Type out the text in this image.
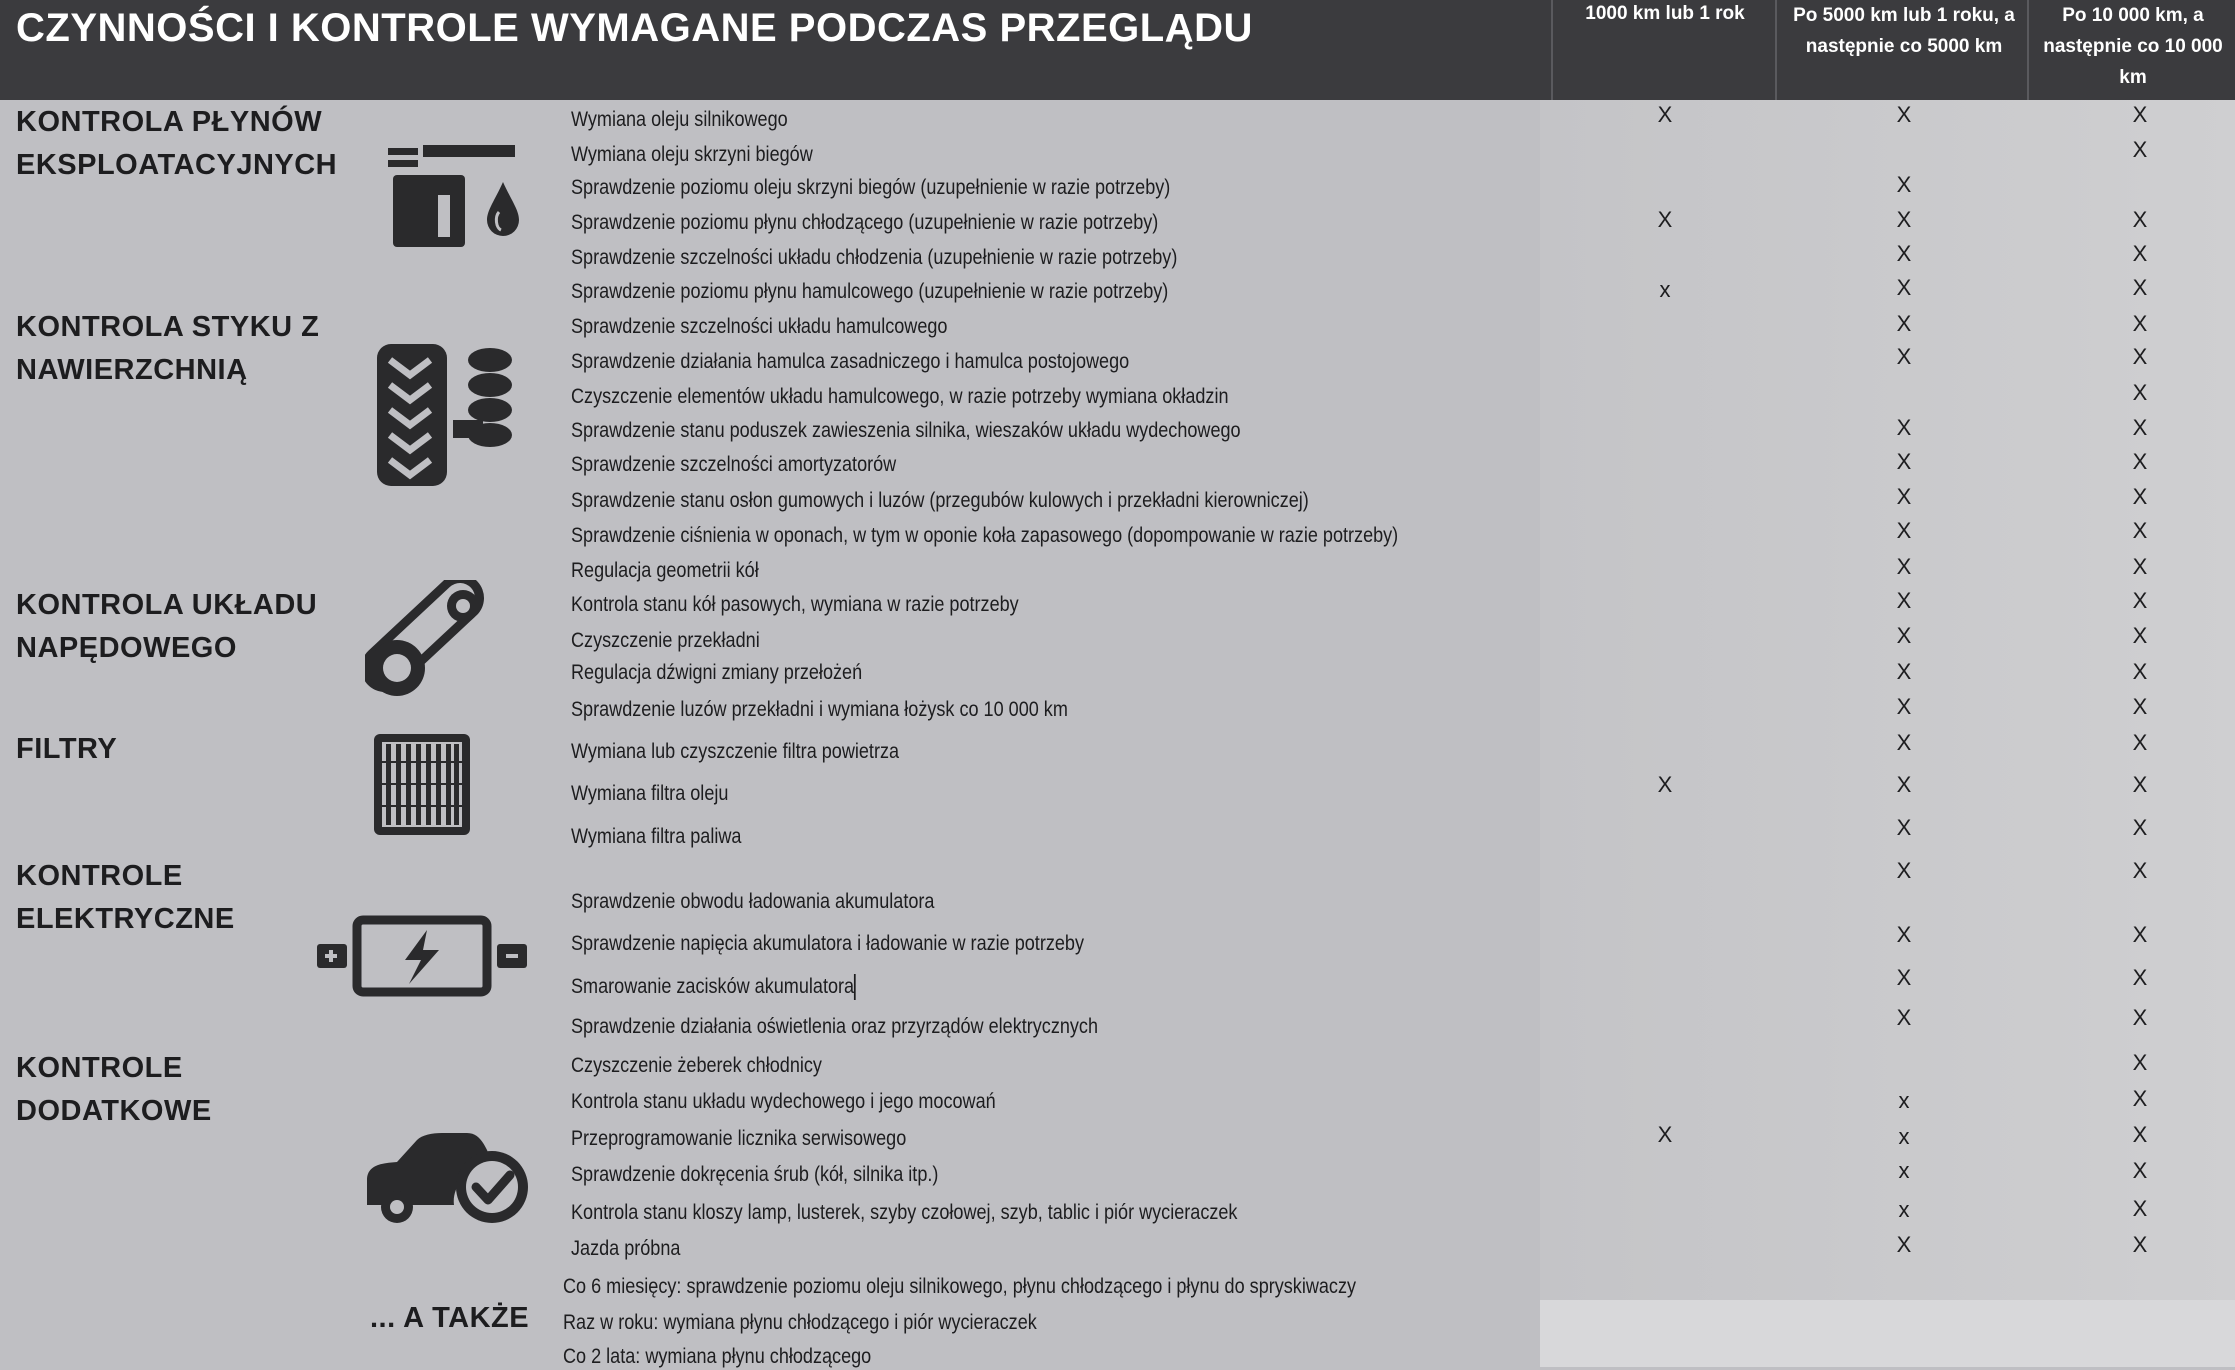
CZYNNOŚCI I KONTROLE WYMAGANE PODCZAS PRZEGLĄDU	1000 km lub 1 rok	Po 5000 km lub 1 roku, a następnie co 5000 km
Po 10 000 km, a następnie co 10 000 km
KONTROLA PŁYNÓW EKSPLOATACYJNYCH
KONTROLA STYKU Z NAWIERZCHNIĄ
KONTROLA UKŁADU NAPĘDOWEGO
FILTRY
KONTROLE ELEKTRYCZNE
KONTROLE DODATKOWE
Wymiana oleju silnikowego
Wymiana oleju skrzyni biegów
Sprawdzenie poziomu oleju skrzyni biegów (uzupełnienie w razie potrzeby)
Sprawdzenie poziomu płynu chłodzącego (uzupełnienie w razie potrzeby)
Sprawdzenie szczelności układu chłodzenia (uzupełnienie w razie potrzeby)
Sprawdzenie poziomu płynu hamulcowego (uzupełnienie w razie potrzeby)
Sprawdzenie szczelności układu hamulcowego
Sprawdzenie działania hamulca zasadniczego i hamulca postojowego
Czyszczenie elementów układu hamulcowego, w razie potrzeby wymiana okładzin
Sprawdzenie stanu poduszek zawieszenia silnika, wieszaków układu wydechowego
Sprawdzenie szczelności amortyzatorów
Sprawdzenie stanu osłon gumowych i luzów (przegubów kulowych i przekładni kierowniczej)
Sprawdzenie ciśnienia w oponach, w tym w oponie koła zapasowego (dopompowanie w razie potrzeby)
Regulacja geometrii kół
Kontrola stanu kół pasowych, wymiana w razie potrzeby
Czyszczenie przekładni
Regulacja dźwigni zmiany przełożeń
Sprawdzenie luzów przekładni i wymiana łożysk co 10 000 km
Wymiana lub czyszczenie filtra powietrza
Wymiana filtra oleju
Wymiana filtra paliwa
Sprawdzenie obwodu ładowania akumulatora
Sprawdzenie napięcia akumulatora i ładowanie w razie potrzeby
Smarowanie zacisków akumulatora
Sprawdzenie działania oświetlenia oraz przyrządów elektrycznych
Czyszczenie żeberek chłodnicy
Kontrola stanu układu wydechowego i jego mocowań
Przeprogramowanie licznika serwisowego
Sprawdzenie dokręcenia śrub (kół, silnika itp.)
Kontrola stanu kloszy lamp, lusterek, szyby czołowej, szyb, tablic i piór wycieraczek
Jazda próbna
X
X
x
X
X
X
X
X
X
X
X
X
X
X
X
X
X
X
X
X
X
X
X
X
X
X
X
X
x
x
x
x
X
X
X
X
X
X
X
X
X
X
X
X
X
X
X
X
X
X
X
X
X
X
X
X
X
X
X
X
X
X
X
... A TAKŻE
Co 6 miesięcy: sprawdzenie poziomu oleju silnikowego, płynu chłodzącego i płynu do spryskiwaczy
Raz w roku: wymiana płynu chłodzącego i piór wycieraczek
Co 2 lata: wymiana płynu chłodzącego
